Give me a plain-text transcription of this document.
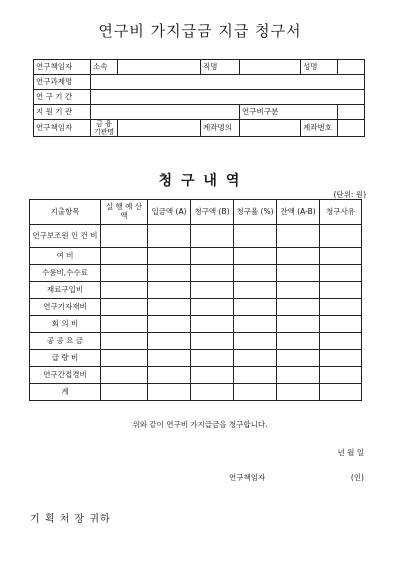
연구비 가지급금 지급 청구서
연구책임자	소속		직명		성명	
연구과제명						
연 구 기 간						
지 원 기 관				연구비구분		
연구책임자	금 융 기관명		계좌명의		계좌번호	
청 구 내 역
(단위: 원)
지출항목	실 행 예 산 액	입금액 (A)	청구액 (B)	청구율 (%)	잔액 (A-B)	청구사유
연구보조원 인 건 비						
여 비						
수용비,수수료						
재료구입비						
연구기자재비						
회 의 비						
공 공 요 금						
급 량 비						
연구간접경비						
계						
위와 같이 연구비 가지급금을 청구합니다.
년 월 일
연구책임자	(인)
기 획 처 장 귀하
